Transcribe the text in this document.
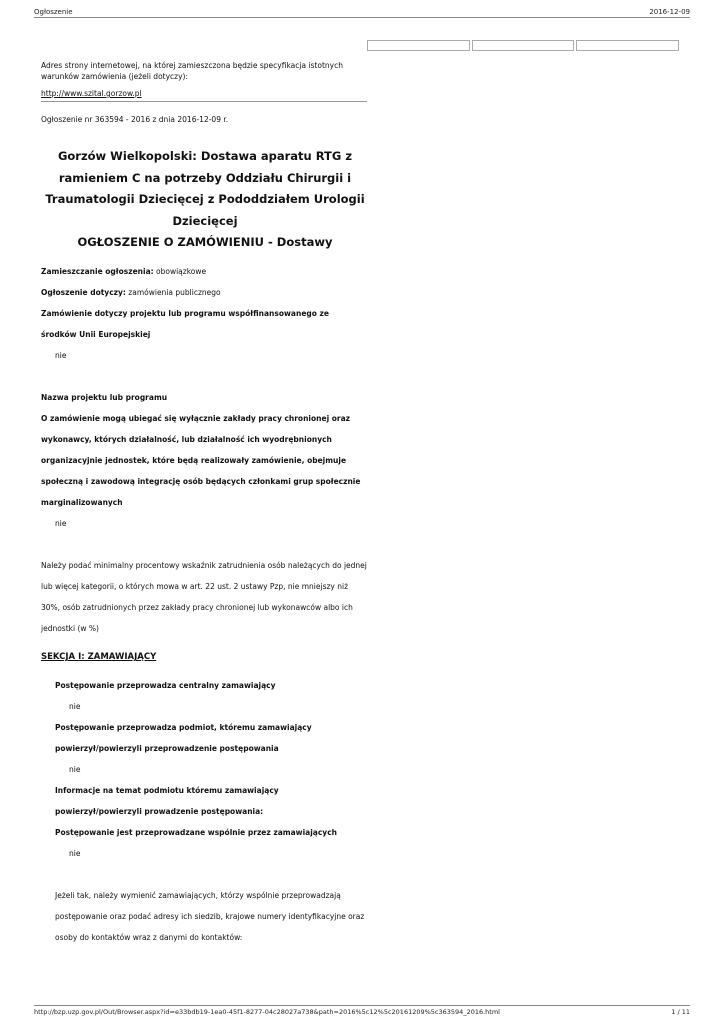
Ogłoszenie	2016-12-09
Adres strony internetowej, na której zamieszczona będzie specyfikacja istotnych warunków zamówienia (jeżeli dotyczy):
http://www.szital.gorzow.pl
Ogłoszenie nr 363594 - 2016 z dnia 2016-12-09 r.
Gorzów Wielkopolski: Dostawa aparatu RTG z ramieniem C na potrzeby Oddziału Chirurgii i Traumatologii Dziecięcej z Pododdziałem Urologii Dziecięcej
OGŁOSZENIE O ZAMÓWIENIU - Dostawy
Zamieszczanie ogłoszenia: obowiązkowe
Ogłoszenie dotyczy: zamówienia publicznego
Zamówienie dotyczy projektu lub programu współfinansowanego ze
środków Unii Europejskiej
nie
Nazwa projektu lub programu
O zamówienie mogą ubiegać się wyłącznie zakłady pracy chronionej oraz
wykonawcy, których działalność, lub działalność ich wyodrębnionych
organizacyjnie jednostek, które będą realizowały zamówienie, obejmuje
społeczną i zawodową integrację osób będących członkami grup społecznie
marginalizowanych
nie
Należy podać minimalny procentowy wskaźnik zatrudnienia osób należących do jednej
lub więcej kategorii, o których mowa w art. 22 ust. 2 ustawy Pzp, nie mniejszy niż
30%, osób zatrudnionych przez zakłady pracy chronionej lub wykonawców albo ich
jednostki (w %)
SEKCJA I: ZAMAWIAJĄCY
Postępowanie przeprowadza centralny zamawiający
nie
Postępowanie przeprowadza podmiot, któremu zamawiający
powierzył/powierzyli przeprowadzenie postępowania
nie
Informacje na temat podmiotu któremu zamawiający
powierzył/powierzyli prowadzenie postępowania:
Postępowanie jest przeprowadzane wspólnie przez zamawiających
nie
Jeżeli tak, należy wymienić zamawiających, którzy wspólnie przeprowadzają
postępowanie oraz podać adresy ich siedzib, krajowe numery identyfikacyjne oraz
osoby do kontaktów wraz z danymi do kontaktów:
http://bzp.uzp.gov.pl/Out/Browser.aspx?id=e33bdb19-1ea0-45f1-8277-04c28027a738&path=2016%5c12%5c20161209%5c363594_2016.html	1 / 11
